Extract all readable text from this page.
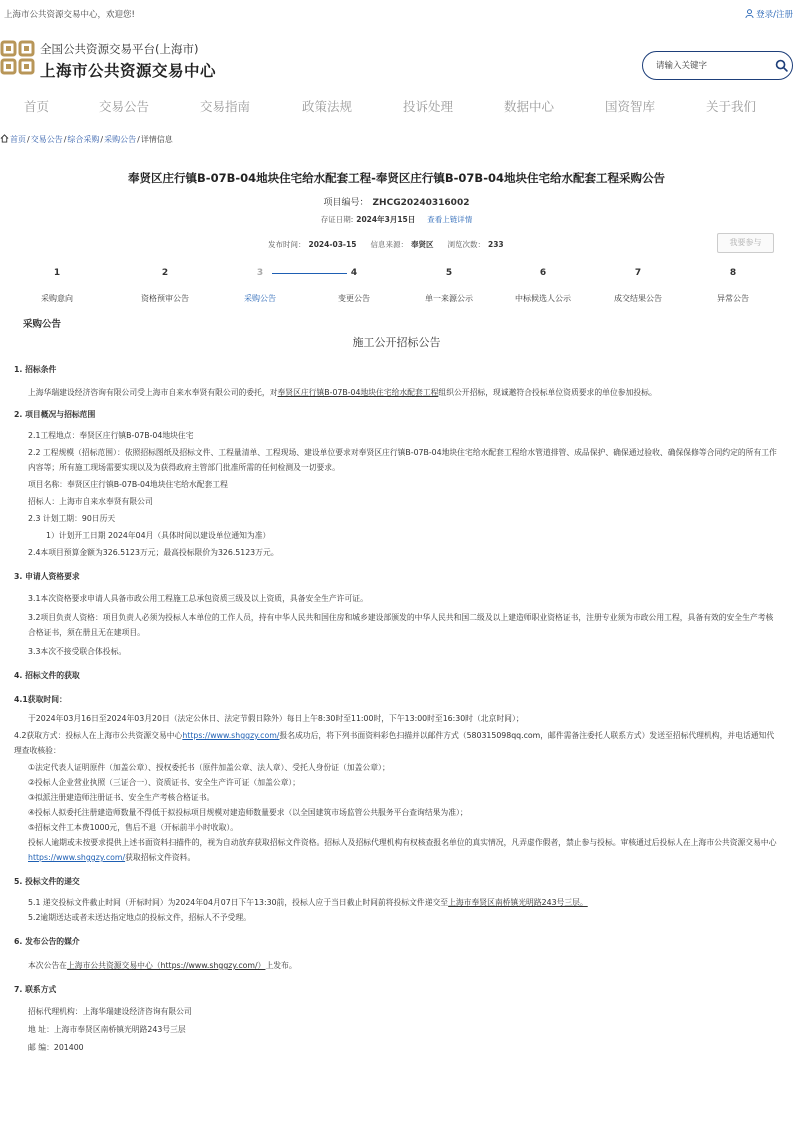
上海市公共资源交易中心，欢迎您!	登录/注册
全国公共资源交易平台(上海市)
上海市公共资源交易中心
请输入关键字
首页	交易公告	交易指南	政策法规	投诉处理	数据中心	国资智库	关于我们
首页/交易公告/综合采购/采购公告/详情信息
奉贤区庄行镇B-07B-04地块住宅给水配套工程-奉贤区庄行镇B-07B-04地块住宅给水配套工程采购公告
项目编号： ZHCG20240316002
存证日期: 2024年3月15日 查看上链详情
发布时间： 2024-03-15 信息来源： 奉贤区 浏览次数： 233	我要参与
1
采购意向
2
资格预审公告
3
采购公告
4
变更公告
5
单一来源公示
6
中标候选人公示
7
成交结果公告
8
异常公告
采购公告
施工公开招标公告

1. 招标条件

上海华瑞建设经济咨询有限公司受上海市自来水奉贤有限公司的委托，对奉贤区庄行镇B-07B-04地块住宅给水配套工程组织公开招标，现诚邀符合投标单位资质要求的单位参加投标。

2. 项目概况与招标范围

2.1工程地点：奉贤区庄行镇B-07B-04地块住宅

2.2 工程规模（招标范围）：依照招标图纸及招标文件、工程量清单、工程现场、建设单位要求对奉贤区庄行镇B-07B-04地块住宅给水配套工程给水管道排管、成品保护、确保通过验收、确保保修等合同约定的所有工作内容等；所有施工现场需要实现以及为获得政府主管部门批准所需的任何检测及一切要求。

项目名称：奉贤区庄行镇B-07B-04地块住宅给水配套工程

招标人：上海市自来水奉贤有限公司

2.3 计划工期：90日历天

1）计划开工日期 2024年04月（具体时间以建设单位通知为准）

2.4本项目预算金额为326.5123万元；最高投标限价为326.5123万元。

3. 申请人资格要求

3.1本次资格要求申请人具备市政公用工程施工总承包资质三级及以上资质，具备安全生产许可证。

3.2项目负责人资格：项目负责人必须为投标人本单位的工作人员，持有中华人民共和国住房和城乡建设部颁发的中华人民共和国二级及以上建造师职业资格证书，注册专业须为市政公用工程，具备有效的安全生产考核合格证书，须在册且无在建项目。

3.3本次不接受联合体投标。

4. 招标文件的获取

4.1获取时间：

于2024年03月16日至2024年03月20日（法定公休日、法定节假日除外）每日上午8:30时至11:00时，下午13:00时至16:30时（北京时间）；

4.2获取方式：投标人在上海市公共资源交易中心https://www.shggzy.com/报名成功后，将下列书面资料彩色扫描并以邮件方式（580315098qq.com，邮件需备注委托人联系方式）发送至招标代理机构，并电话通知代理查收核验：

①法定代表人证明原件（加盖公章）、授权委托书（原件加盖公章、法人章）、受托人身份证（加盖公章）；

②投标人企业营业执照（三证合一）、资质证书、安全生产许可证（加盖公章）；

③拟派注册建造师注册证书、安全生产考核合格证书。

④投标人拟委托注册建造师数量不得低于拟投标项目规模对建造师数量要求（以全国建筑市场监管公共服务平台查询结果为准）；

⑤招标文件工本费1000元，售后不退（开标前半小时收取）。

投标人逾期或未按要求提供上述书面资料扫描件的，视为自动放弃获取招标文件资格。招标人及招标代理机构有权核查报名单位的真实情况，凡弄虚作假者，禁止参与投标。审核通过后投标人在上海市公共资源交易中心https://www.shggzy.com/获取招标文件资料。

5. 投标文件的递交

5.1 递交投标文件截止时间（开标时间）为2024年04月07日下午13:30前，投标人应于当日截止时间前将投标文件递交至上海市奉贤区南桥镇光明路243号三层。

5.2逾期送达或者未送达指定地点的投标文件，招标人不予受理。

6. 发布公告的媒介

本次公告在上海市公共资源交易中心（https://www.shggzy.com/）上发布。

7. 联系方式

招标代理机构：上海华瑞建设经济咨询有限公司

地 址：上海市奉贤区南桥镇光明路243号三层

邮 编：201400
